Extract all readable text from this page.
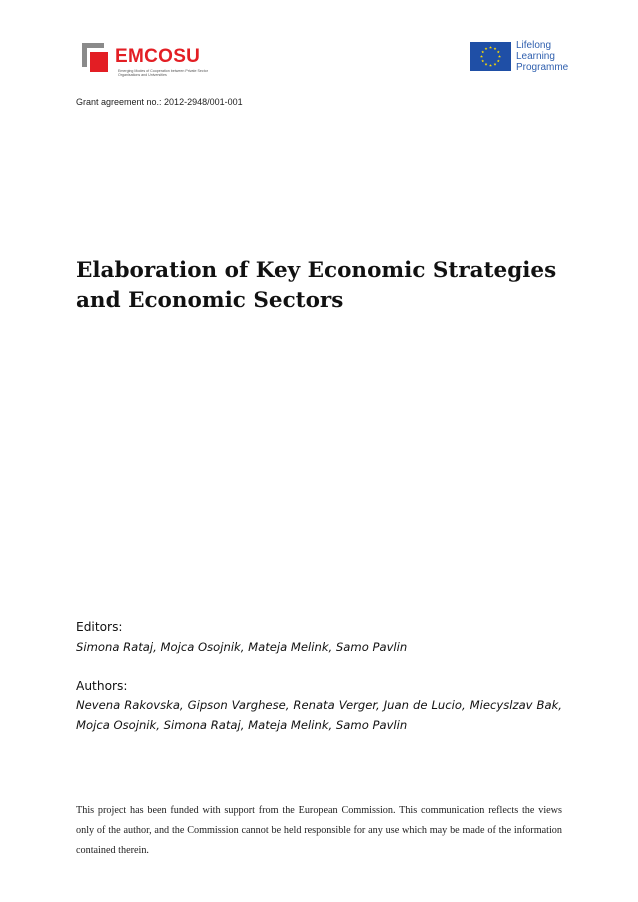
EMCOSU
Emerging Modes of Cooperation between Private Sector Organisations and Universities
Lifelong
Learning
Programme
Grant agreement no.: 2012-2948/001-001
Elaboration of Key Economic Strategies
and Economic Sectors
Editors:
Simona Rataj, Mojca Osojnik, Mateja Melink, Samo Pavlin
Authors:
Nevena Rakovska, Gipson Varghese, Renata Verger, Juan de Lucio, Miecyslzav Bak, Mojca Osojnik, Simona Rataj, Mateja Melink, Samo Pavlin

This project has been funded with support from the European Commission. This communication reflects the views only of the author, and the Commission cannot be held responsible for any use which may be made of the information contained therein.
